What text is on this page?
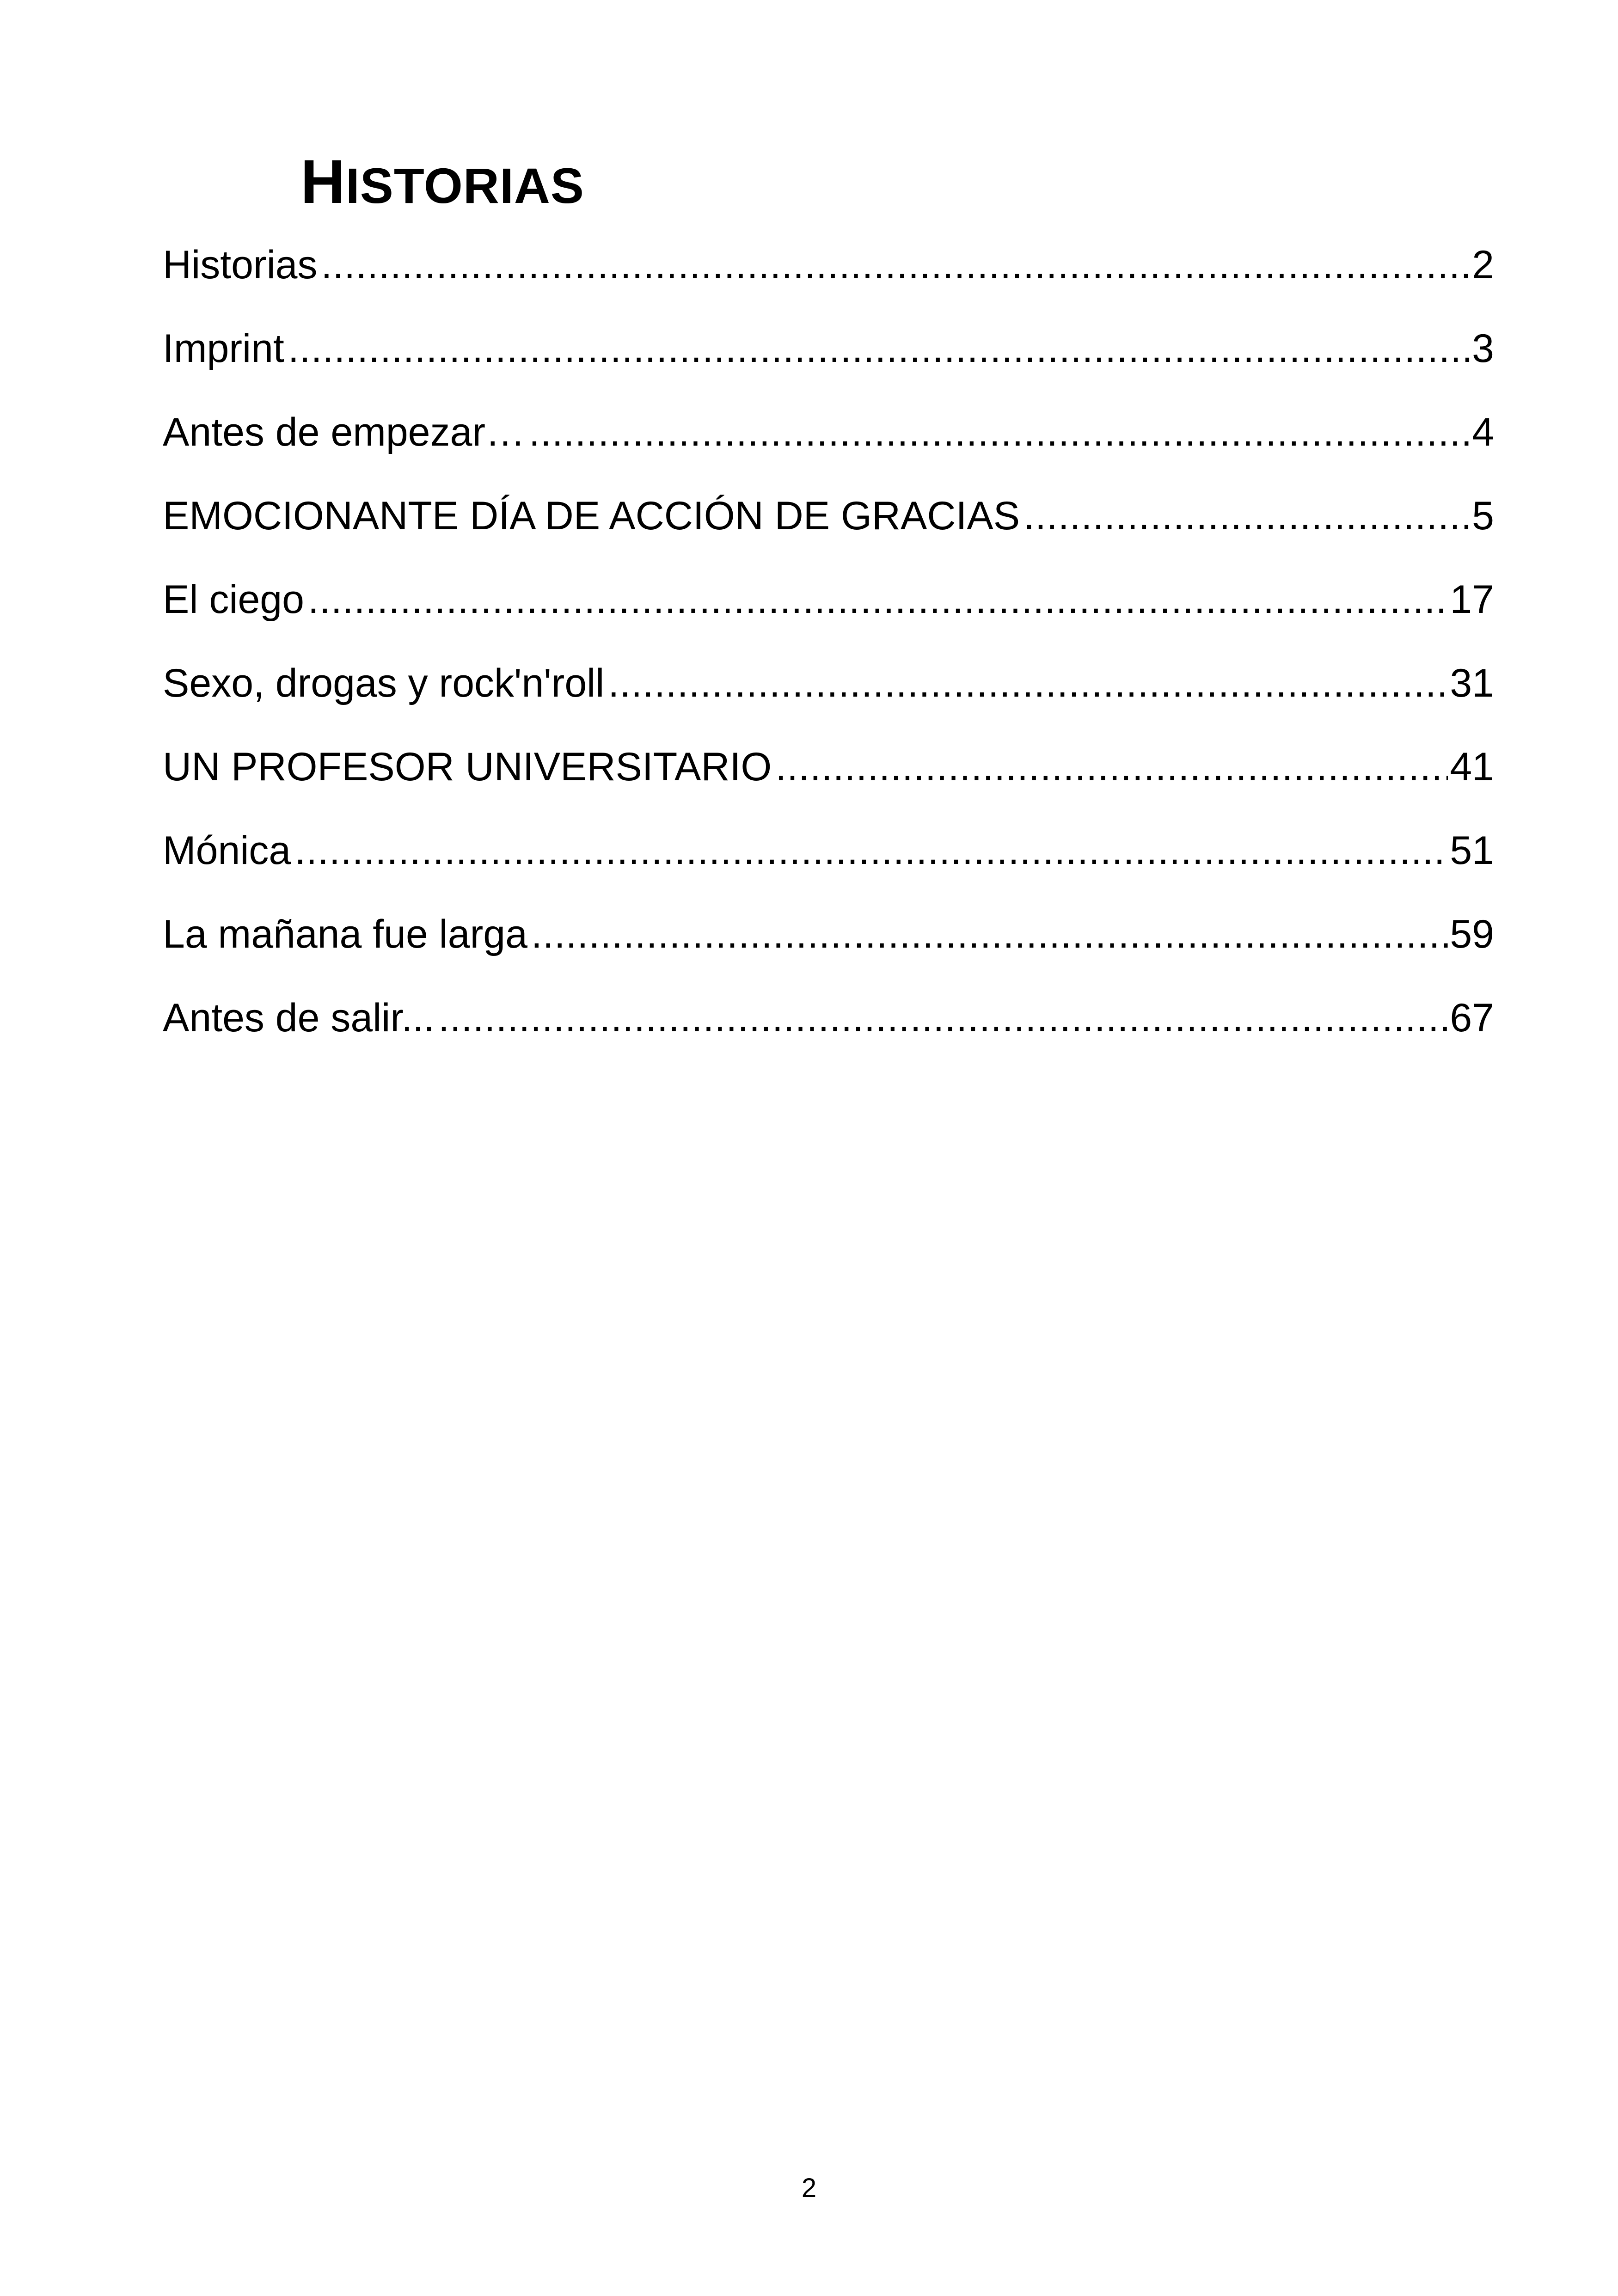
HISTORIAS
Historias .....	2
Imprint .....	3
Antes de empezar… .....	4
EMOCIONANTE DÍA DE ACCIÓN DE GRACIAS .....	5
El ciego .....	17
Sexo, drogas y rock'n'roll .....	31
UN PROFESOR UNIVERSITARIO .....	41
Mónica .....	51
La mañana fue larga .....	59
Antes de salir... .....	67
2
